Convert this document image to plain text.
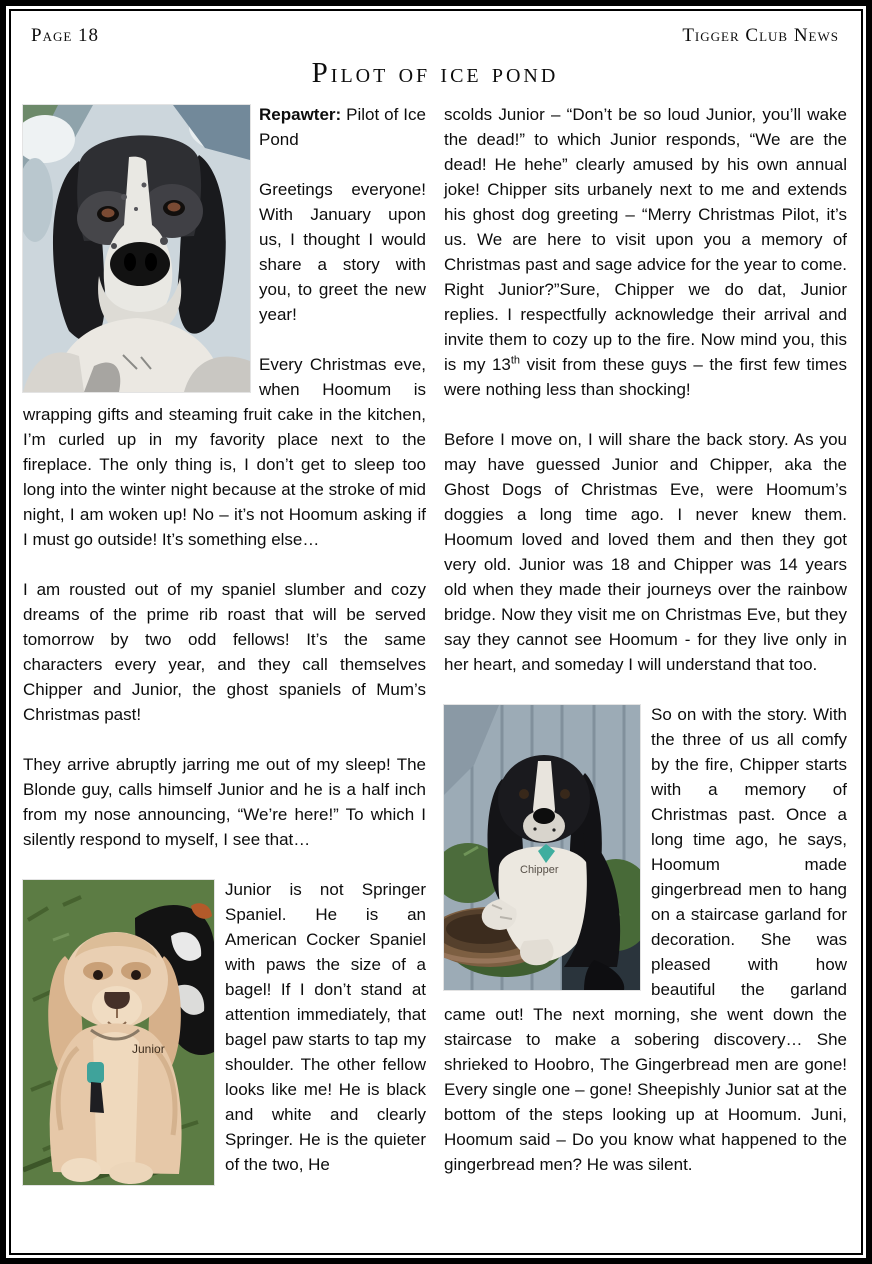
Page 18	Tigger Club News
Pilot of ice pond

Repawter: Pilot of Ice Pond

Greetings everyone! With January upon us, I thought I would share a story with you, to greet the new year!

Every Christmas eve, when Hoomum is wrapping gifts and steaming fruit cake in the kitchen, I’m curled up in my favority place next to the fireplace. The only thing is, I don’t get to sleep too long into the winter night because at the stroke of mid night, I am woken up! No – it’s not Hoomum asking if I must go outside! It’s something else…

I am rousted out of my spaniel slumber and cozy dreams of the prime rib roast that will be served tomorrow by two odd fellows! It’s the same characters every year, and they call themselves Chipper and Junior, the ghost spaniels of Mum’s Christmas past!

They arrive abruptly jarring me out of my sleep! The Blonde guy, calls himself Junior and he is a half inch from my nose announcing, “We’re here!” To which I silently respond to myself, I see that…

Junior

Junior is not Springer Spaniel. He is an American Cocker Spaniel with paws the size of a bagel! If I don’t stand at attention immediately, that bagel paw starts to tap my shoulder. The other fellow looks like me! He is black and white and clearly Springer. He is the quieter of the two, He

scolds Junior – “Don’t be so loud Junior, you’ll wake the dead!” to which Junior responds, “We are the dead! He hehe” clearly amused by his own annual joke! Chipper sits urbanely next to me and extends his ghost dog greeting – “Merry Christmas Pilot, it’s us. We are here to visit upon you a memory of Christmas past and sage advice for the year to come. Right Junior?”Sure, Chipper we do dat, Junior replies. I respectfully acknowledge their arrival and invite them to cozy up to the fire. Now mind you, this is my 13th visit from these guys – the first few times were nothing less than shocking!

Before I move on, I will share the back story. As you may have guessed Junior and Chipper, aka the Ghost Dogs of Christmas Eve, were Hoomum’s doggies a long time ago. I never knew them. Hoomum loved and loved them and then they got very old. Junior was 18 and Chipper was 14 years old when they made their journeys over the rainbow bridge. Now they visit me on Christmas Eve, but they say they cannot see Hoomum - for they live only in her heart, and someday I will understand that too.

Chipper

So on with the story. With the three of us all comfy by the fire, Chipper starts with a memory of Christmas past. Once a long time ago, he says, Hoomum made gingerbread men to hang on a staircase garland for decoration. She was pleased with how beautiful the garland came out! The next morning, she went down the staircase to make a sobering discovery… She shrieked to Hoobro, The Gingerbread men are gone! Every single one – gone! Sheepishly Junior sat at the bottom of the steps looking up at Hoomum. Juni, Hoomum said – Do you know what happened to the gingerbread men? He was silent.
